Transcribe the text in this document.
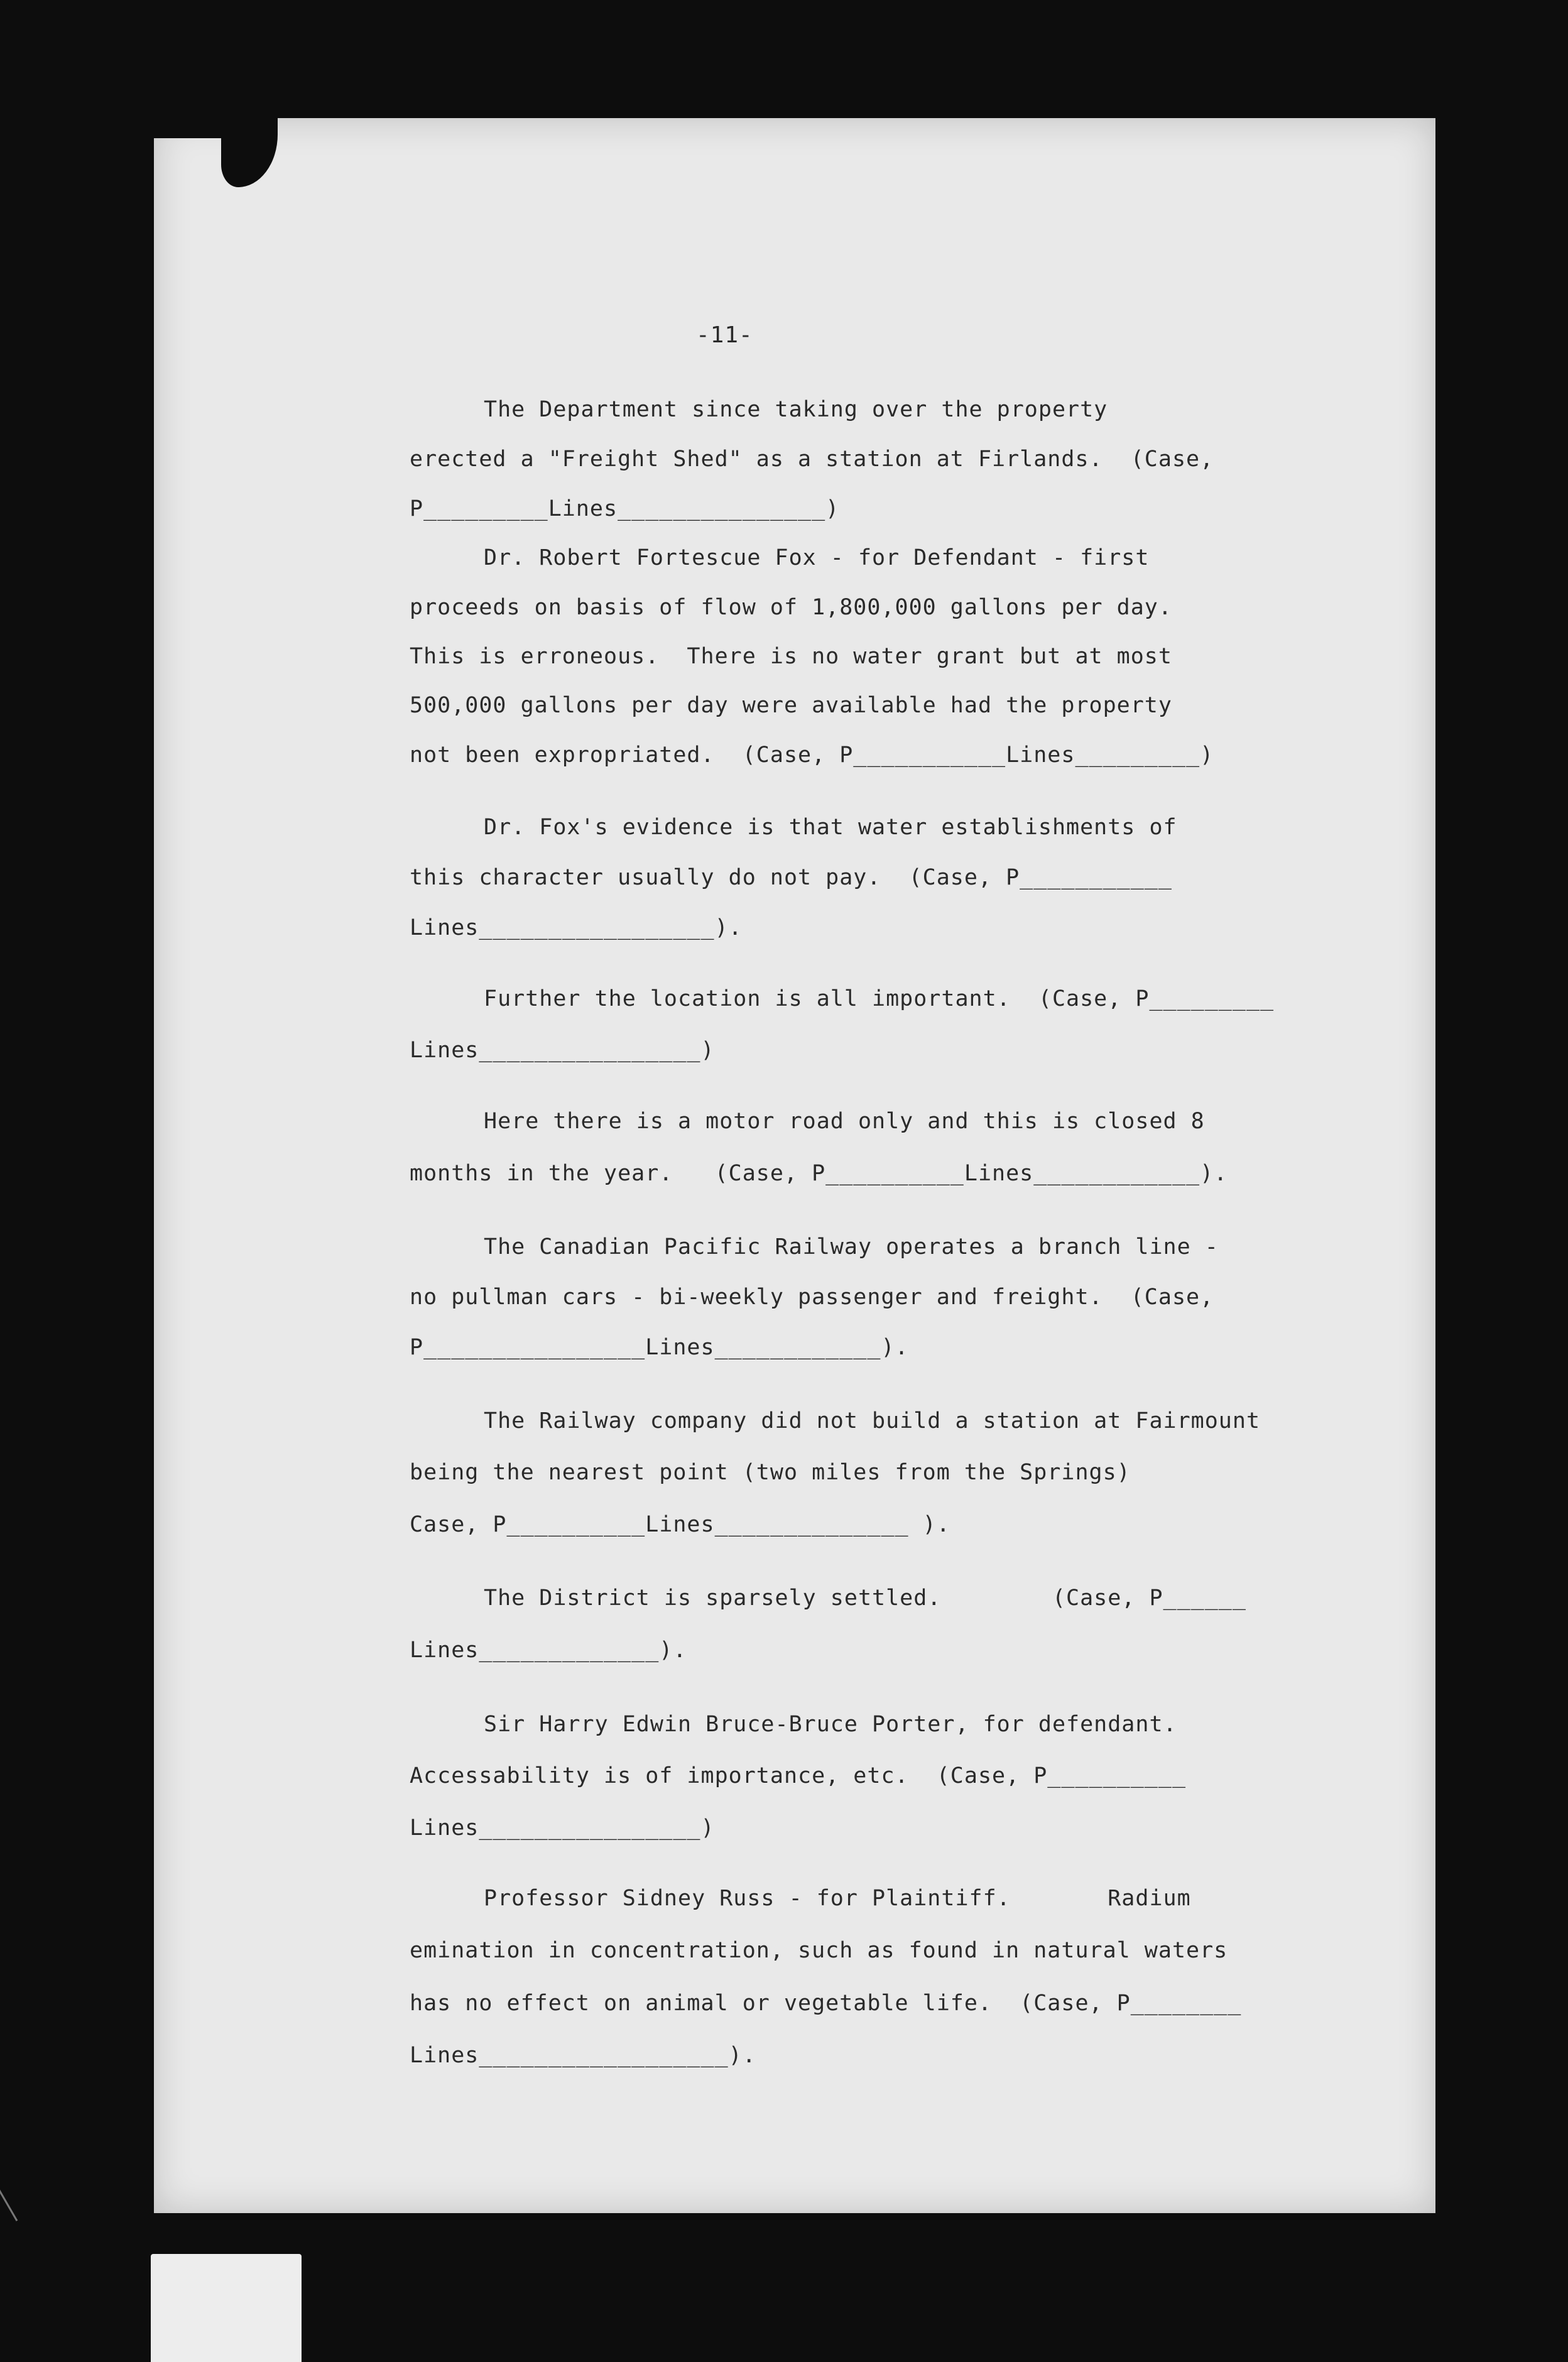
-11-
The Department since taking over the property
erected a "Freight Shed" as a station at Firlands.  (Case,
P_________Lines_______________)
Dr. Robert Fortescue Fox - for Defendant - first
proceeds on basis of flow of 1,800,000 gallons per day.
This is erroneous.  There is no water grant but at most
500,000 gallons per day were available had the property
not been expropriated.  (Case, P___________Lines_________)
Dr. Fox's evidence is that water establishments of
this character usually do not pay.  (Case, P___________
Lines_________________).
Further the location is all important.  (Case, P_________
Lines________________)
Here there is a motor road only and this is closed 8
months in the year.   (Case, P__________Lines____________).
The Canadian Pacific Railway operates a branch line -
no pullman cars - bi-weekly passenger and freight.  (Case,
P________________Lines____________).
The Railway company did not build a station at Fairmount
being the nearest point (two miles from the Springs)
Case, P__________Lines______________ ).
The District is sparsely settled.        (Case, P______
Lines_____________).
Sir Harry Edwin Bruce-Bruce Porter, for defendant.
Accessability is of importance, etc.  (Case, P__________
Lines________________)
Professor Sidney Russ - for Plaintiff.       Radium
emination in concentration, such as found in natural waters
has no effect on animal or vegetable life.  (Case, P________
Lines__________________).
